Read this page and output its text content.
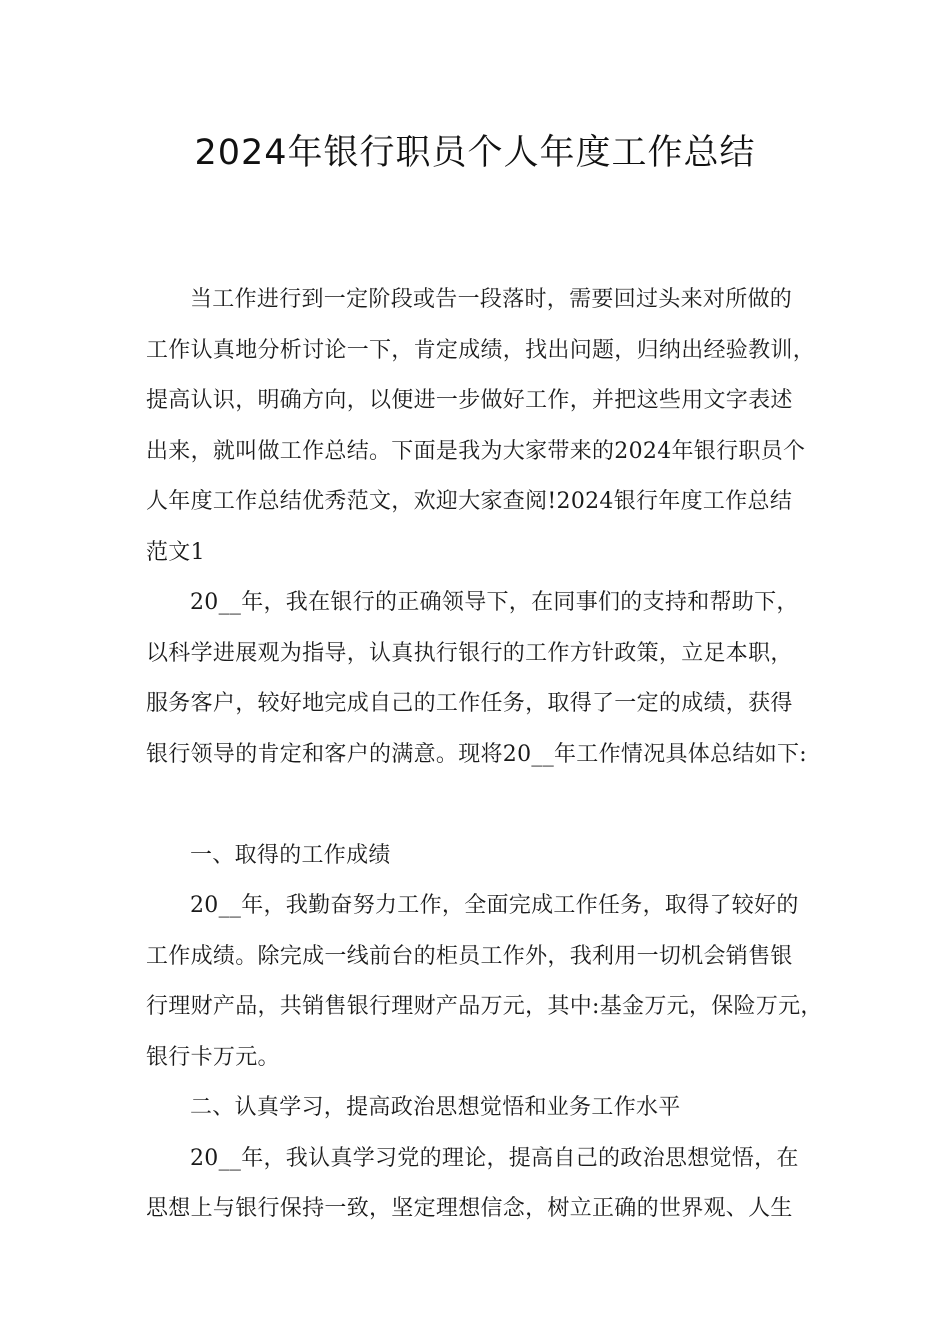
2024年银行职员个人年度工作总结
当工作进行到一定阶段或告一段落时，需要回过头来对所做的
工作认真地分析讨论一下，肯定成绩，找出问题，归纳出经验教训，
提高认识，明确方向，以便进一步做好工作，并把这些用文字表述
出来，就叫做工作总结。下面是我为大家带来的2024年银行职员个
人年度工作总结优秀范文，欢迎大家查阅!2024银行年度工作总结
范文1
20__年，我在银行的正确领导下，在同事们的支持和帮助下，
以科学进展观为指导，认真执行银行的工作方针政策，立足本职，
服务客户，较好地完成自己的工作任务，取得了一定的成绩，获得
银行领导的肯定和客户的满意。现将20__年工作情况具体总结如下:
一、取得的工作成绩
20__年，我勤奋努力工作，全面完成工作任务，取得了较好的
工作成绩。除完成一线前台的柜员工作外，我利用一切机会销售银
行理财产品，共销售银行理财产品万元，其中:基金万元，保险万元，
银行卡万元。
二、认真学习，提高政治思想觉悟和业务工作水平
20__年，我认真学习党的理论，提高自己的政治思想觉悟，在
思想上与银行保持一致，坚定理想信念，树立正确的世界观、人生
